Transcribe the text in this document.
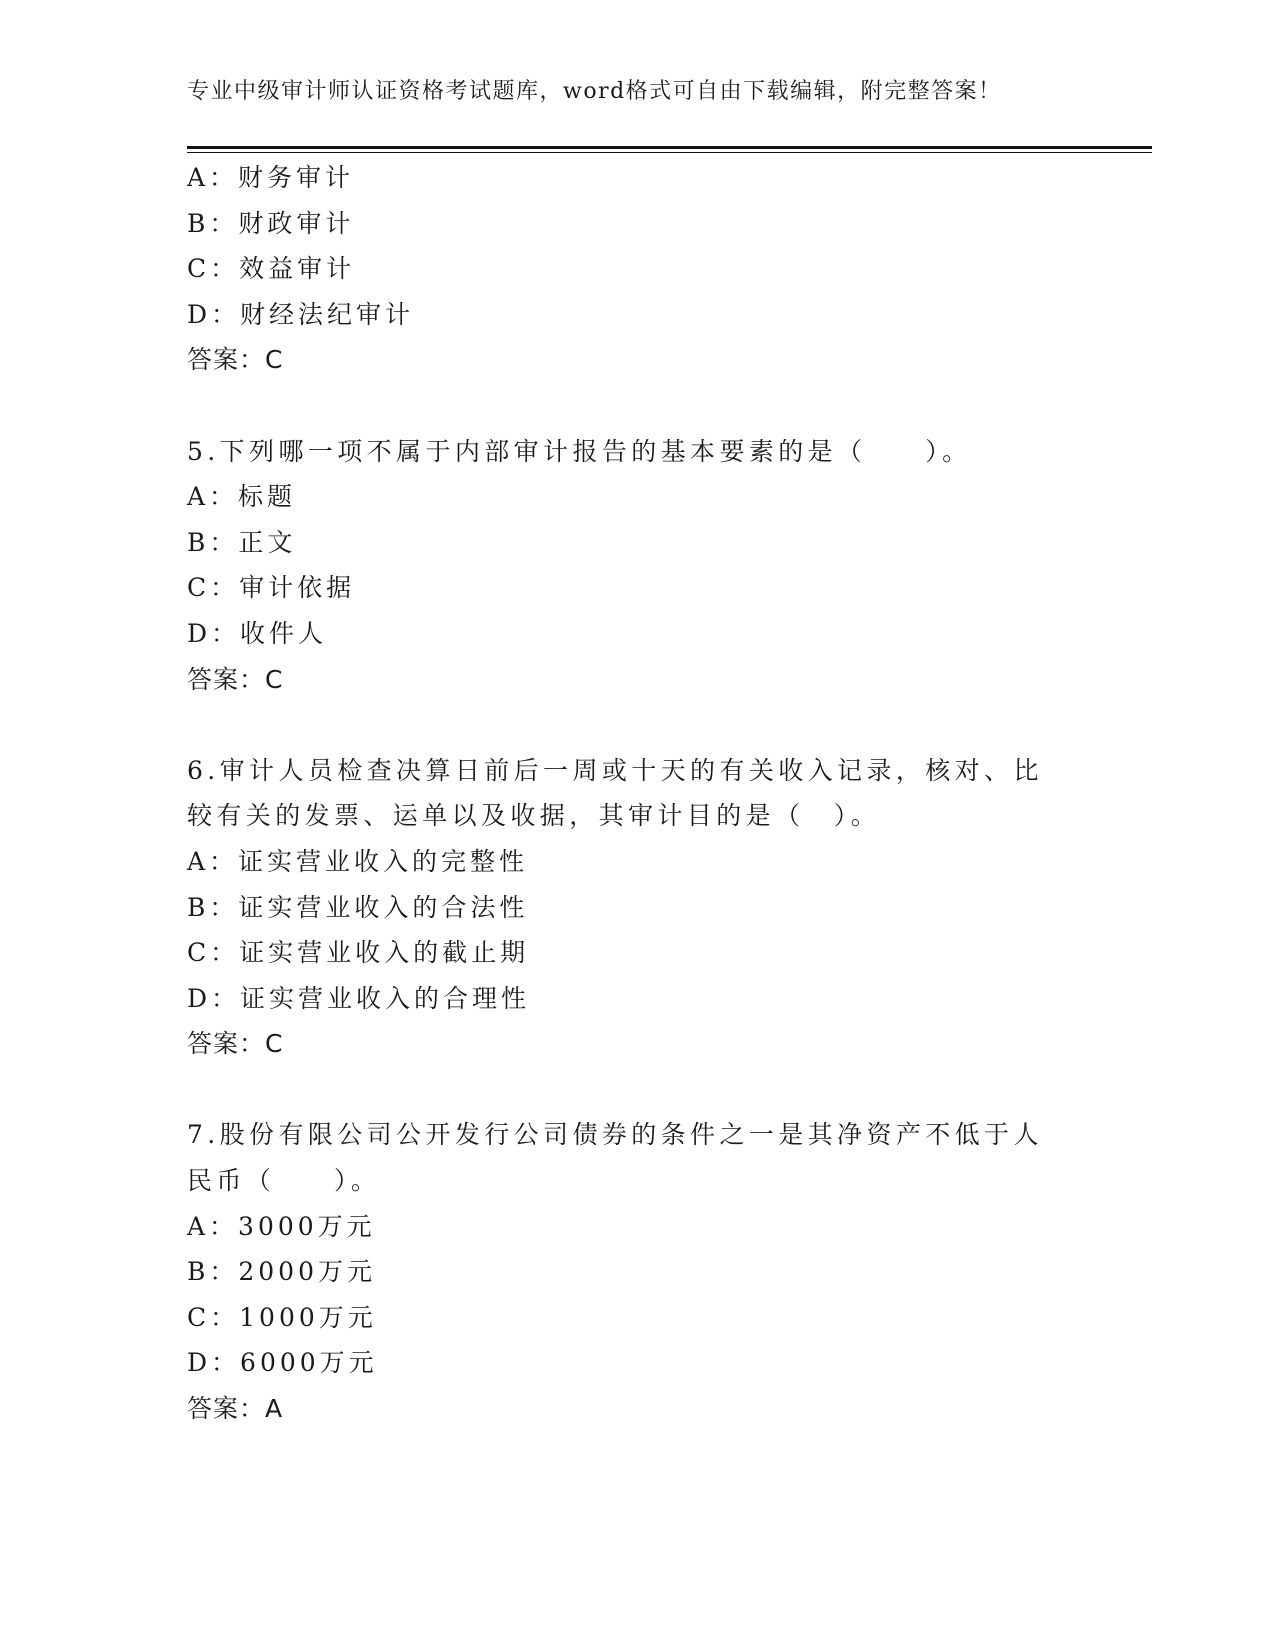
专业中级审计师认证资格考试题库，word格式可自由下载编辑，附完整答案！
A：财务审计
B：财政审计
C：效益审计
D：财经法纪审计
答案：C
5.下列哪一项不属于内部审计报告的基本要素的是（　　）。
A：标题
B：正文
C：审计依据
D：收件人
答案：C
6.审计人员检查决算日前后一周或十天的有关收入记录，核对、比较有关的发票、运单以及收据，其审计目的是（　）。
A：证实营业收入的完整性
B：证实营业收入的合法性
C：证实营业收入的截止期
D：证实营业收入的合理性
答案：C
7.股份有限公司公开发行公司债券的条件之一是其净资产不低于人民币（　　）。
A：3000万元
B：2000万元
C：1000万元
D：6000万元
答案：A
